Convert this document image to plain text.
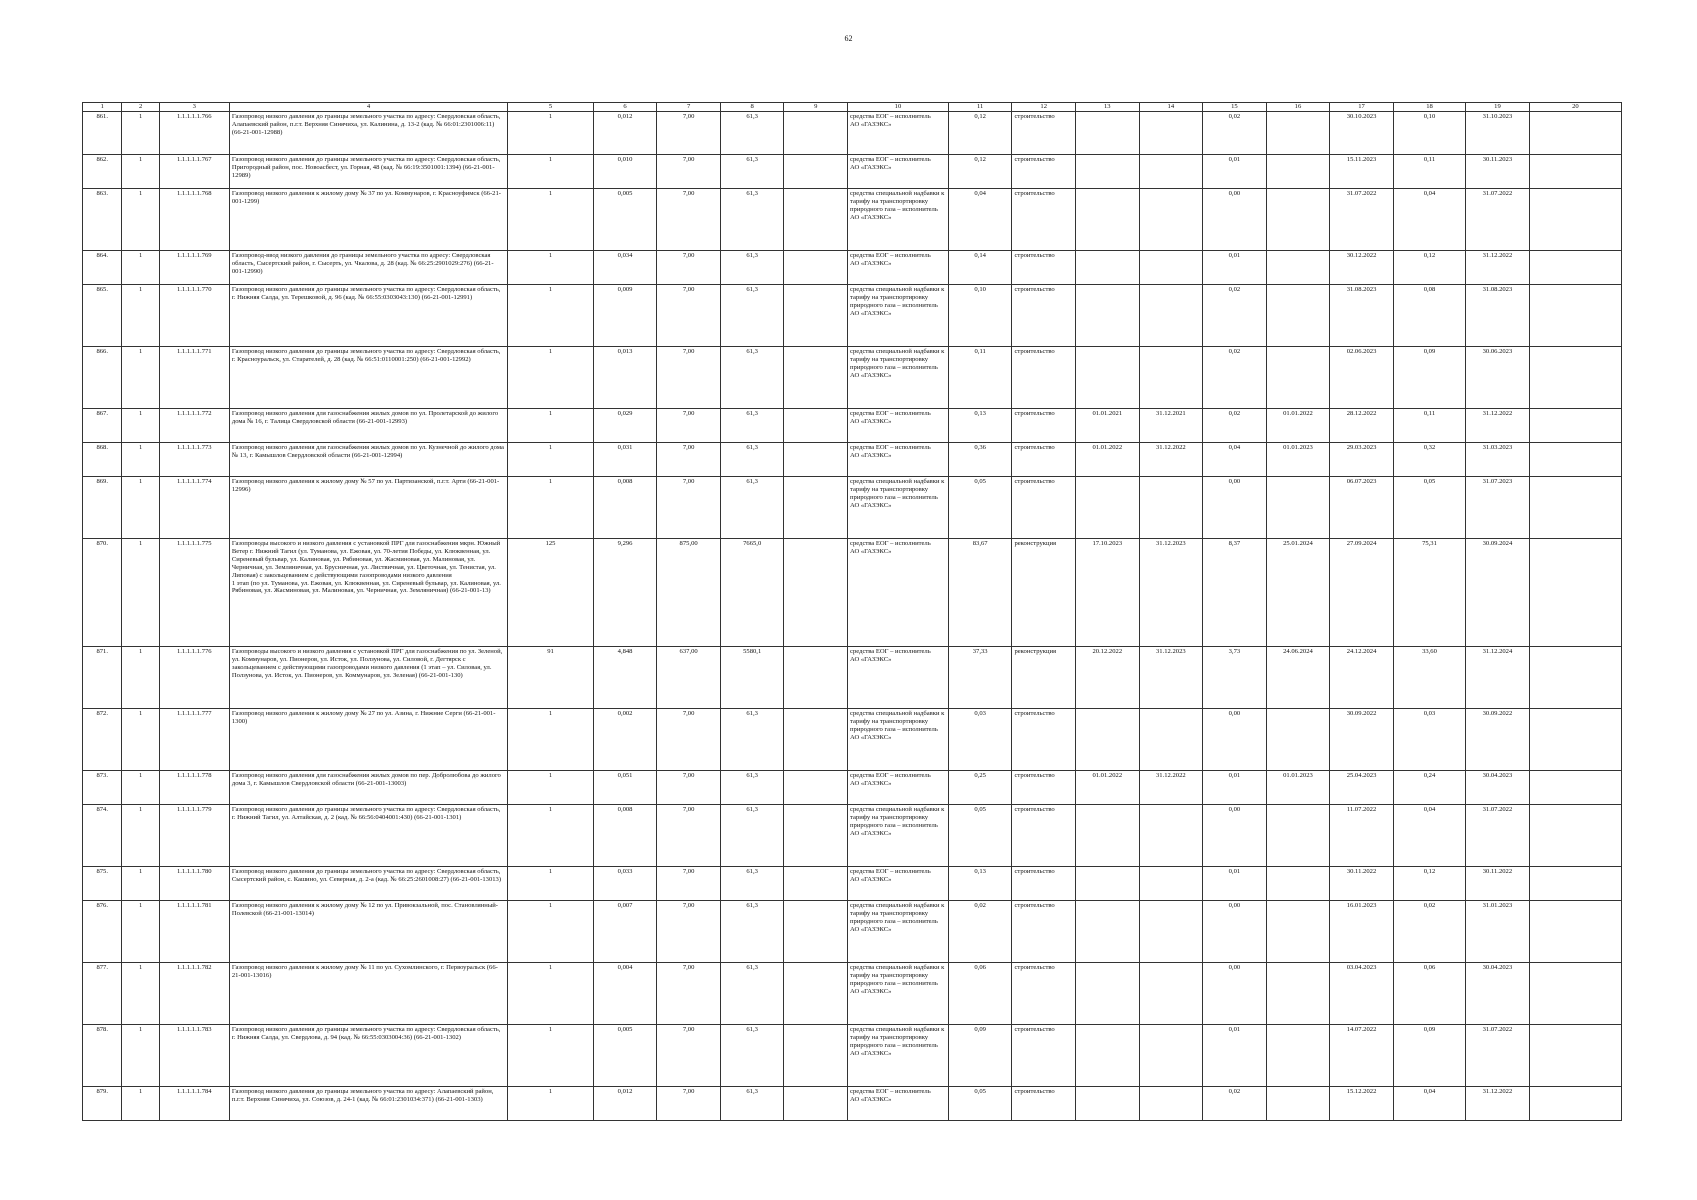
62
1	2	3	4	5	6	7	8	9	10	11	12	13	14	15	16	17	18	19	20
861.	1	1.1.1.1.1.766	Газопровод низкого давления до границы земельного участка по адресу: Свердловская область, Алапаевский район, п.г.т. Верхняя Синячиха, ул. Калинина, д. 13-2 (кад. № 66:01:2301006:11) (66-21-001-12988)	1	0,012	7,00	61,3		средства ЕОГ – исполнитель
АО «ГАЗЭКС»	0,12	строительство			0,02		30.10.2023	0,10	31.10.2023	
862.	1	1.1.1.1.1.767	Газопровод низкого давления до границы земельного участка по адресу: Свердловская область, Пригородный район, пос. Новоасбест, ул. Горная, 48 (кад. № 66:19:3501001:1394) (66-21-001-12989)	1	0,010	7,00	61,3		средства ЕОГ – исполнитель
АО «ГАЗЭКС»	0,12	строительство			0,01		15.11.2023	0,11	30.11.2023	
863.	1	1.1.1.1.1.768	Газопровод низкого давления к жилому дому № 37 по ул. Коммунаров, г. Красноуфимск (66-21-001-1299)	1	0,005	7,00	61,3		средства специальной надбавки к тарифу на транспортировку природного газа – исполнитель
АО «ГАЗЭКС»	0,04	строительство			0,00		31.07.2022	0,04	31.07.2022	
864.	1	1.1.1.1.1.769	Газопровод-ввод низкого давления до границы земельного участка по адресу: Свердловская область, Сысертский район, г. Сысерть, ул. Чкалова, д. 28 (кад. № 66:25:2901029:276) (66-21-001-12990)	1	0,034	7,00	61,3		средства ЕОГ – исполнитель
АО «ГАЗЭКС»	0,14	строительство			0,01		30.12.2022	0,12	31.12.2022	
865.	1	1.1.1.1.1.770	Газопровод низкого давления до границы земельного участка по адресу: Свердловская область, г. Нижняя Салда, ул. Терешковой, д. 96 (кад. № 66:55:0303043:130) (66-21-001-12991)	1	0,009	7,00	61,3		средства специальной надбавки к тарифу на транспортировку природного газа – исполнитель
АО «ГАЗЭКС»	0,10	строительство			0,02		31.08.2023	0,08	31.08.2023	
866.	1	1.1.1.1.1.771	Газопровод низкого давления до границы земельного участка по адресу: Свердловская область, г. Красноуральск, ул. Старателей, д. 28 (кад. № 66:51:0110001:250) (66-21-001-12992)	1	0,013	7,00	61,3		средства специальной надбавки к тарифу на транспортировку природного газа – исполнитель
АО «ГАЗЭКС»	0,11	строительство			0,02		02.06.2023	0,09	30.06.2023	
867.	1	1.1.1.1.1.772	Газопровод низкого давления для газоснабжения жилых домов по ул. Пролетарской до жилого дома № 16, г. Талица Свердловской области (66-21-001-12993)	1	0,029	7,00	61,3		средства ЕОГ – исполнитель
АО «ГАЗЭКС»	0,13	строительство	01.01.2021	31.12.2021	0,02	01.01.2022	28.12.2022	0,11	31.12.2022	
868.	1	1.1.1.1.1.773	Газопровод низкого давления для газоснабжения жилых домов по ул. Кузнечной до жилого дома № 13, г. Камышлов Свердловской области (66-21-001-12994)	1	0,031	7,00	61,3		средства ЕОГ – исполнитель
АО «ГАЗЭКС»	0,36	строительство	01.01.2022	31.12.2022	0,04	01.01.2023	29.03.2023	0,32	31.03.2023	
869.	1	1.1.1.1.1.774	Газопровод низкого давления к жилому дому № 57 по ул. Партизанской, п.г.т. Арти (66-21-001-12996)	1	0,008	7,00	61,3		средства специальной надбавки к тарифу на транспортировку природного газа – исполнитель
АО «ГАЗЭКС»	0,05	строительство			0,00		06.07.2023	0,05	31.07.2023	
870.	1	1.1.1.1.1.775	Газопроводы высокого и низкого давления с установкой ПРГ для газоснабжения мкрн. Южный Ветер г. Нижний Тагил (ул. Тумановa, ул. Ежовая, ул. 70-летия Победы, ул. Клюквенная, ул. Сиреневый бульвар, ул. Калиновая, ул. Рябиновая, ул. Жасминовая, ул. Малиновая, ул. Черничная, ул. Земляничная, ул. Брусничная, ул. Листвичная, ул. Цветочная, ул. Тенистая, ул. Липовая) с закольцеванием с действующими газопроводами низкого давления
1 этап (по ул. Тумановa, ул. Ежовая, ул. Клюквенная, ул. Сиреневый бульвар, ул. Калиновая, ул. Рябиновая, ул. Жасминовая, ул. Малиновая, ул. Черничная, ул. Земляничная) (66-21-001-13)	125	9,296	875,00	7665,0		средства ЕОГ – исполнитель
АО «ГАЗЭКС»	83,67	реконструкция	17.10.2023	31.12.2023	8,37	25.01.2024	27.09.2024	75,31	30.09.2024	
871.	1	1.1.1.1.1.776	Газопроводы высокого и низкого давления с установкой ПРГ для газоснабжения по ул. Зеленой, ул. Коммунаров, ул. Пионеров, ул. Исток, ул. Ползунова, ул. Силовой, г. Дегтярск с закольцеванием с действующими газопроводами низкого давления (1 этап – ул. Силовая, ул. Ползунова, ул. Исток, ул. Пионеров, ул. Коммунаров, ул. Зеленая) (66-21-001-130)	91	4,848	637,00	5580,1		средства ЕОГ – исполнитель
АО «ГАЗЭКС»	37,33	реконструкция	20.12.2022	31.12.2023	3,73	24.06.2024	24.12.2024	33,60	31.12.2024	
872.	1	1.1.1.1.1.777	Газопровод низкого давления к жилому дому № 27 по ул. Азина, г. Нижние Серги (66-21-001-1300)	1	0,002	7,00	61,3		средства специальной надбавки к тарифу на транспортировку природного газа – исполнитель
АО «ГАЗЭКС»	0,03	строительство			0,00		30.09.2022	0,03	30.09.2022	
873.	1	1.1.1.1.1.778	Газопровод низкого давления для газоснабжения жилых домов по пер. Добролюбова до жилого дома 3, г. Камышлов Свердловской области (66-21-001-13003)	1	0,051	7,00	61,3		средства ЕОГ – исполнитель
АО «ГАЗЭКС»	0,25	строительство	01.01.2022	31.12.2022	0,01	01.01.2023	25.04.2023	0,24	30.04.2023	
874.	1	1.1.1.1.1.779	Газопровод низкого давления до границы земельного участка по адресу: Свердловская область, г. Нижний Тагил, ул. Алтайская, д. 2 (кад. № 66:56:0404001:430) (66-21-001-1301)	1	0,008	7,00	61,3		средства специальной надбавки к тарифу на транспортировку природного газа – исполнитель
АО «ГАЗЭКС»	0,05	строительство			0,00		11.07.2022	0,04	31.07.2022	
875.	1	1.1.1.1.1.780	Газопровод низкого давления до границы земельного участка по адресу: Свердловская область, Сысертский район, с. Кашино, ул. Северная, д. 2-а (кад. № 66:25:2601008:27) (66-21-001-13013)	1	0,033	7,00	61,3		средства ЕОГ – исполнитель
АО «ГАЗЭКС»	0,13	строительство			0,01		30.11.2022	0,12	30.11.2022	
876.	1	1.1.1.1.1.781	Газопровод низкого давления к жилому дому № 12 по ул. Привокзальной, пос. Становлянный-Полевской (66-21-001-13014)	1	0,007	7,00	61,3		средства специальной надбавки к тарифу на транспортировку природного газа – исполнитель
АО «ГАЗЭКС»	0,02	строительство			0,00		16.01.2023	0,02	31.01.2023	
877.	1	1.1.1.1.1.782	Газопровод низкого давления к жилому дому № 11 по ул. Сухомлинского, г. Первоуральск (66-21-001-13016)	1	0,004	7,00	61,3		средства специальной надбавки к тарифу на транспортировку природного газа – исполнитель
АО «ГАЗЭКС»	0,06	строительство			0,00		03.04.2023	0,06	30.04.2023	
878.	1	1.1.1.1.1.783	Газопровод низкого давления до границы земельного участка по адресу: Свердловская область, г. Нижняя Салда, ул. Свердлова, д. 94 (кад. № 66:55:0303004:36) (66-21-001-1302)	1	0,005	7,00	61,3		средства специальной надбавки к тарифу на транспортировку природного газа – исполнитель
АО «ГАЗЭКС»	0,09	строительство			0,01		14.07.2022	0,09	31.07.2022	
879.	1	1.1.1.1.1.784	Газопровод низкого давления до границы земельного участка по адресу: Алапаевский район, п.г.т. Верхняя Синячиха, ул. Союзов, д. 24-1 (кад. № 66:01:2301034:371) (66-21-001-1303)	1	0,012	7,00	61,3		средства ЕОГ – исполнитель
АО «ГАЗЭКС»	0,05	строительство			0,02		15.12.2022	0,04	31.12.2022	
